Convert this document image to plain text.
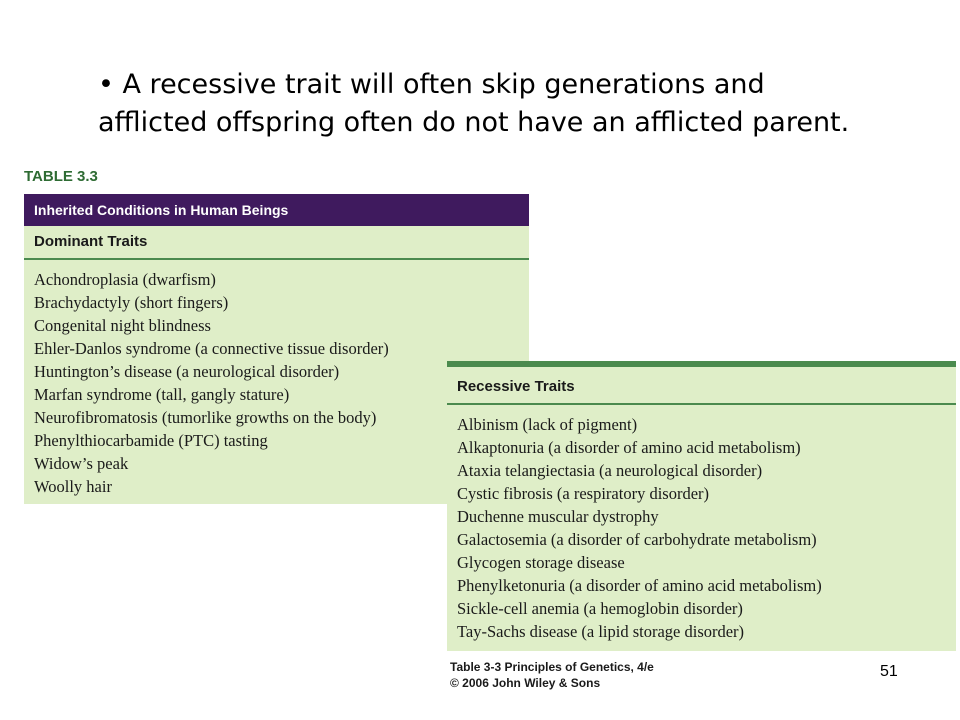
• A recessive trait will often skip generations and
afflicted offspring often do not have an afflicted parent.
TABLE 3.3
Inherited Conditions in Human Beings
Dominant Traits
Achondroplasia (dwarfism)
Brachydactyly (short fingers)
Congenital night blindness
Ehler-Danlos syndrome (a connective tissue disorder)
Huntington’s disease (a neurological disorder)
Marfan syndrome (tall, gangly stature)
Neurofibromatosis (tumorlike growths on the body)
Phenylthiocarbamide (PTC) tasting
Widow’s peak
Woolly hair
Recessive Traits
Albinism (lack of pigment)
Alkaptonuria (a disorder of amino acid metabolism)
Ataxia telangiectasia (a neurological disorder)
Cystic fibrosis (a respiratory disorder)
Duchenne muscular dystrophy
Galactosemia (a disorder of carbohydrate metabolism)
Glycogen storage disease
Phenylketonuria (a disorder of amino acid metabolism)
Sickle-cell anemia (a hemoglobin disorder)
Tay-Sachs disease (a lipid storage disorder)
Table 3-3 Principles of Genetics, 4/e
© 2006 John Wiley & Sons
51
